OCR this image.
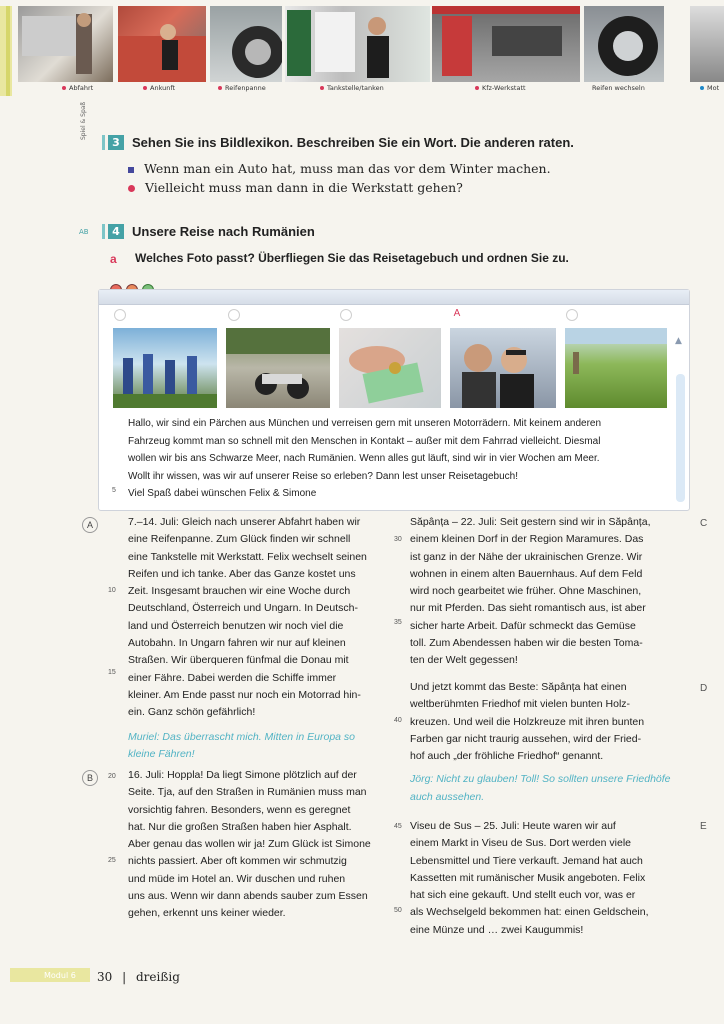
Abfahrt	Ankunft	Reifenpanne	Tankstelle/tanken	Kfz-Werkstatt	Reifen wechseln	Mot
Spiel & Spaß
3 Sehen Sie ins Bildlexikon. Beschreiben Sie ein Wort. Die anderen raten.
Wenn man ein Auto hat, muss man das vor dem Winter machen.
Vielleicht muss man dann in die Werkstatt gehen?
AB	4 Unsere Reise nach Rumänien
a Welches Foto passt? Überfliegen Sie das Reisetagebuch und ordnen Sie zu.
A
▲
Hallo, wir sind ein Pärchen aus München und verreisen gern mit unseren Motorrädern. Mit keinem anderen
Fahrzeug kommt man so schnell mit den Menschen in Kontakt – außer mit dem Fahrrad vielleicht. Diesmal
wollen wir bis ans Schwarze Meer, nach Rumänien. Wenn alles gut läuft, sind wir in vier Wochen am Meer.
Wollt ihr wissen, was wir auf unserer Reise so erleben? Dann lest unser Reisetagebuch!
Viel Spaß dabei wünschen Felix & Simone
5
A
B
C
D
E
7.–14. Juli: Gleich nach unserer Abfahrt haben wir
eine Reifenpanne. Zum Glück finden wir schnell
eine Tankstelle mit Werkstatt. Felix wechselt seinen
Reifen und ich tanke. Aber das Ganze kostet uns
Zeit. Insgesamt brauchen wir eine Woche durch
Deutschland, Österreich und Ungarn. In Deutsch-
land und Österreich benutzen wir noch viel die
Autobahn. In Ungarn fahren wir nur auf kleinen
Straßen. Wir überqueren fünfmal die Donau mit
einer Fähre. Dabei werden die Schiffe immer
kleiner. Am Ende passt nur noch ein Motorrad hin-
ein. Ganz schön gefährlich!
Muriel: Das überrascht mich. Mitten in Europa so
kleine Fähren!
10
15
16. Juli: Hoppla! Da liegt Simone plötzlich auf der
Seite. Tja, auf den Straßen in Rumänien muss man
vorsichtig fahren. Besonders, wenn es geregnet
hat. Nur die großen Straßen haben hier Asphalt.
Aber genau das wollen wir ja! Zum Glück ist Simone
nichts passiert. Aber oft kommen wir schmutzig
und müde im Hotel an. Wir duschen und ruhen
uns aus. Wenn wir dann abends sauber zum Essen
gehen, erkennt uns keiner wieder.
20
25
Săpânța – 22. Juli: Seit gestern sind wir in Săpânța,
einem kleinen Dorf in der Region Maramures. Das
ist ganz in der Nähe der ukrainischen Grenze. Wir
wohnen in einem alten Bauernhaus. Auf dem Feld
wird noch gearbeitet wie früher. Ohne Maschinen,
nur mit Pferden. Das sieht romantisch aus, ist aber
sicher harte Arbeit. Dafür schmeckt das Gemüse
toll. Zum Abendessen haben wir die besten Toma-
ten der Welt gegessen!
30
35
Und jetzt kommt das Beste: Săpânța hat einen
weltberühmten Friedhof mit vielen bunten Holz-
kreuzen. Und weil die Holzkreuze mit ihren bunten
Farben gar nicht traurig aussehen, wird der Fried-
hof auch „der fröhliche Friedhof“ genannt.
Jörg: Nicht zu glauben! Toll! So sollten unsere Friedhöfe
auch aussehen.
40
Viseu de Sus – 25. Juli: Heute waren wir auf
einem Markt in Viseu de Sus. Dort werden viele
Lebensmittel und Tiere verkauft. Jemand hat auch
Kassetten mit rumänischer Musik angeboten. Felix
hat sich eine gekauft. Und stellt euch vor, was er
als Wechselgeld bekommen hat: einen Geldschein,
eine Münze und … zwei Kaugummis!
45
50
Modul 6 30 | dreißig
